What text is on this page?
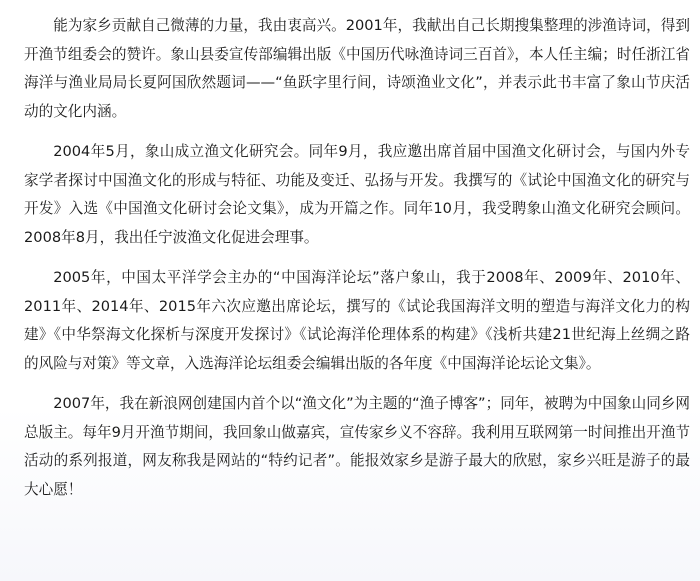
能为家乡贡献自己微薄的力量，我由衷高兴。2001年，我献出自己长期搜集整理的涉渔诗词，得到开渔节组委会的赞许。象山县委宣传部编辑出版《中国历代咏渔诗词三百首》，本人任主编；时任浙江省海洋与渔业局局长夏阿国欣然题词——“鱼跃字里行间，诗颂渔业文化”，并表示此书丰富了象山节庆活动的文化内涵。

2004年5月，象山成立渔文化研究会。同年9月，我应邀出席首届中国渔文化研讨会，与国内外专家学者探讨中国渔文化的形成与特征、功能及变迁、弘扬与开发。我撰写的《试论中国渔文化的研究与开发》入选《中国渔文化研讨会论文集》，成为开篇之作。同年10月，我受聘象山渔文化研究会顾问。2008年8月，我出任宁波渔文化促进会理事。

2005年，中国太平洋学会主办的“中国海洋论坛”落户象山，我于2008年、2009年、2010年、2011年、2014年、2015年六次应邀出席论坛，撰写的《试论我国海洋文明的塑造与海洋文化力的构建》《中华祭海文化探析与深度开发探讨》《试论海洋伦理体系的构建》《浅析共建21世纪海上丝绸之路的风险与对策》等文章，入选海洋论坛组委会编辑出版的各年度《中国海洋论坛论文集》。

2007年，我在新浪网创建国内首个以“渔文化”为主题的“渔子博客”；同年，被聘为中国象山同乡网总版主。每年9月开渔节期间，我回象山做嘉宾，宣传家乡义不容辞。我利用互联网第一时间推出开渔节活动的系列报道，网友称我是网站的“特约记者”。能报效家乡是游子最大的欣慰，家乡兴旺是游子的最大心愿！
